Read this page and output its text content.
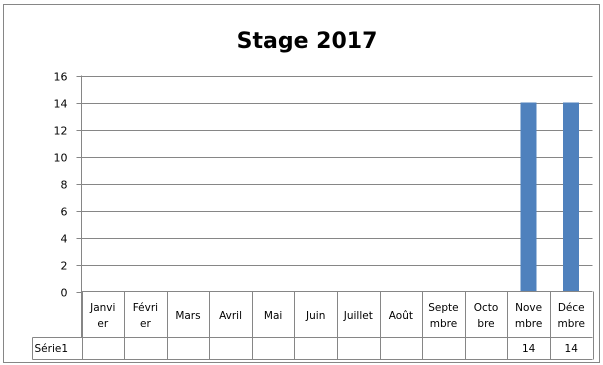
Stage 2017
0
2
4
6
8
10
12
14
16
Janvi
er
Févri
er
Mars Avril Mai Juin Juillet Août
Septe
mbre
Octo
bre
Nove
mbre
Déce
mbre
Série1	14	14
